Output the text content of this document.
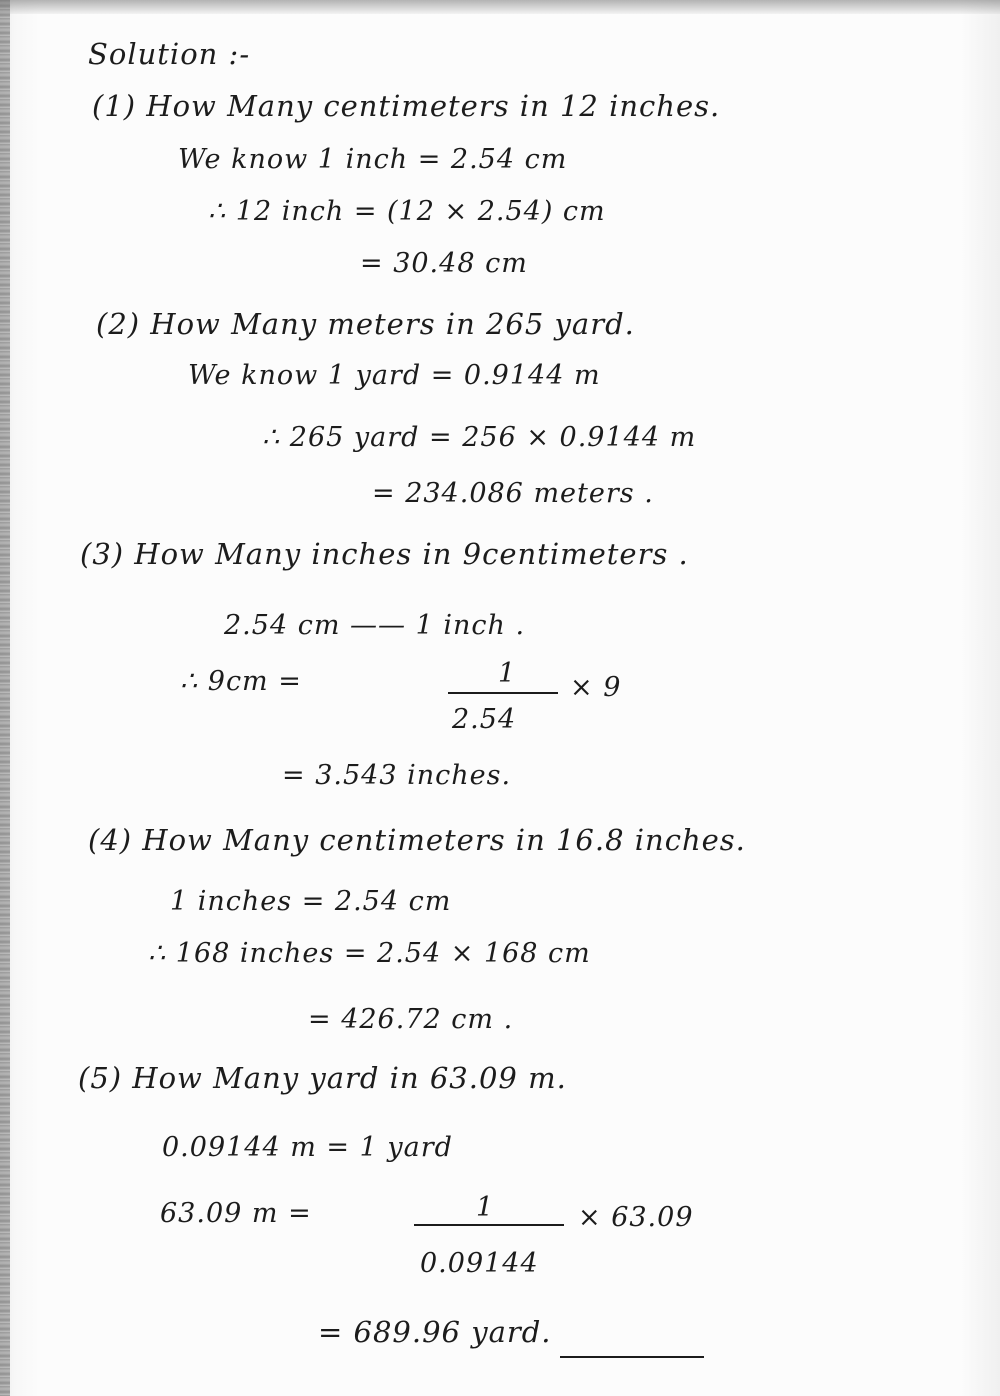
Solution :-
(1) How Many centimeters in 12 inches.
We know 1 inch = 2.54 cm
∴ 12 inch = (12 × 2.54) cm
= 30.48 cm
(2) How Many meters in 265 yard.
We know 1 yard = 0.9144 m
∴ 265 yard = 256 × 0.9144 m
= 234.086 meters .
(3) How Many inches in 9centimeters .
2.54 cm —— 1 inch .
∴ 9cm =	1 × 9
2.54
= 3.543 inches.
(4) How Many centimeters in 16.8 inches.
1 inches = 2.54 cm
∴ 168 inches = 2.54 × 168 cm
= 426.72 cm .
(5) How Many yard in 63.09 m.
0.09144 m = 1 yard
63.09 m =	1	× 63.09
0.09144
= 689.96 yard.
